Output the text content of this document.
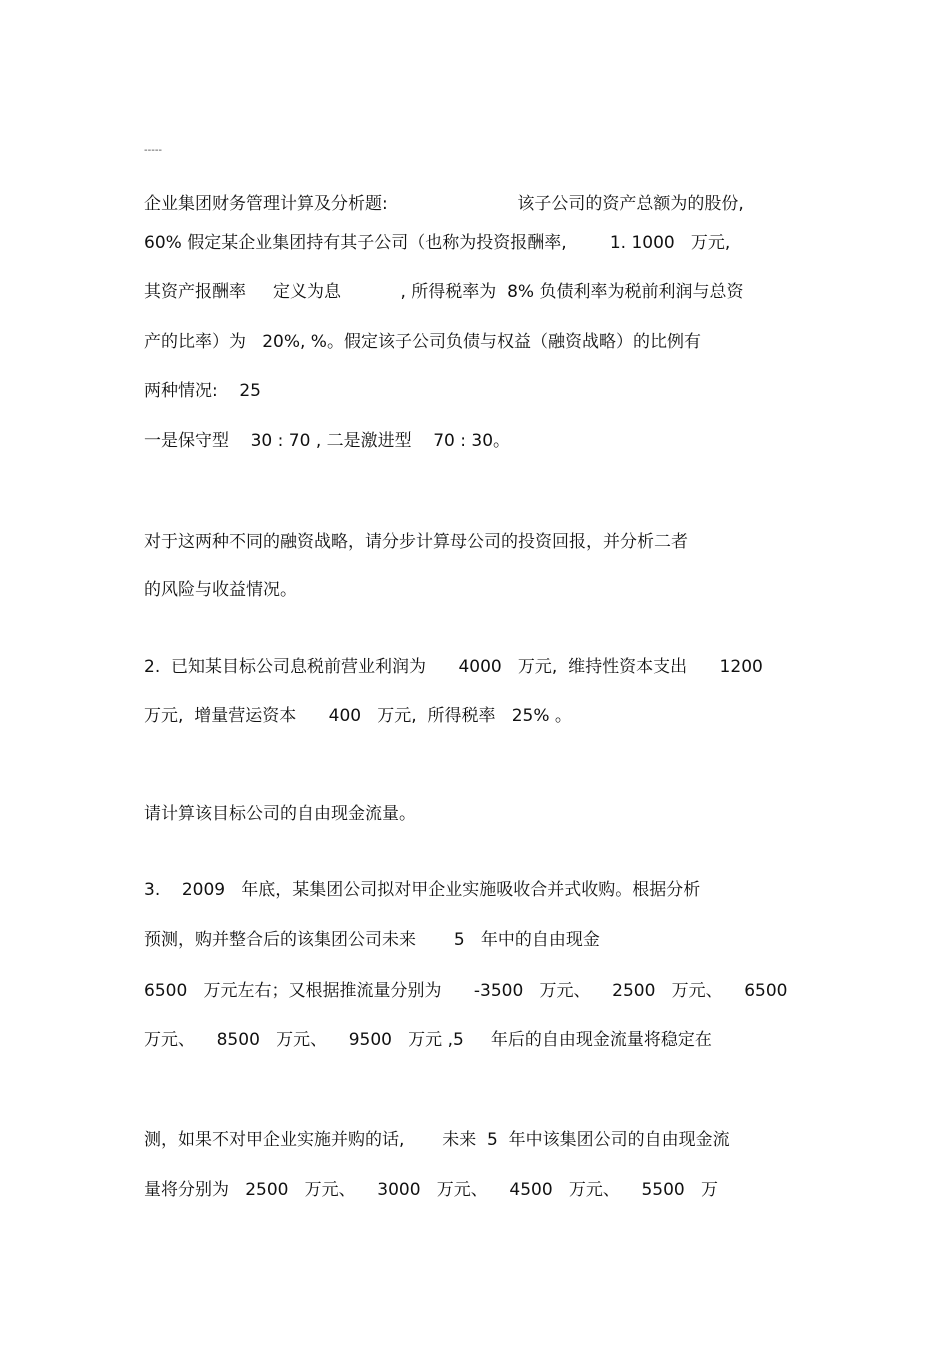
-----
企业集团财务管理计算及分析题:                        该子公司的资产总额为的股份,
60% 假定某企业集团持有其子公司（也称为投资报酬率,        1. 1000   万元,
其资产报酬率     定义为息           , 所得税率为  8% 负债利率为税前利润与总资
产的比率）为   20%, %。假定该子公司负债与权益（融资战略）的比例有
两种情况:    25
一是保守型    30 : 70 , 二是激进型    70 : 30。
对于这两种不同的融资战略，请分步计算母公司的投资回报，并分析二者
的风险与收益情况。
2.  已知某目标公司息税前营业利润为      4000   万元,  维持性资本支出      1200
万元,  增量营运资本      400   万元,  所得税率   25% 。
请计算该目标公司的自由现金流量。
3.    2009   年底，某集团公司拟对甲企业实施吸收合并式收购。根据分析
预测，购并整合后的该集团公司未来       5   年中的自由现金
6500   万元左右；又根据推流量分别为      -3500   万元、    2500   万元、    6500
万元、    8500   万元、    9500   万元 ,5     年后的自由现金流量将稳定在
测，如果不对甲企业实施并购的话,       未来  5  年中该集团公司的自由现金流
量将分别为   2500   万元、    3000   万元、    4500   万元、    5500   万
